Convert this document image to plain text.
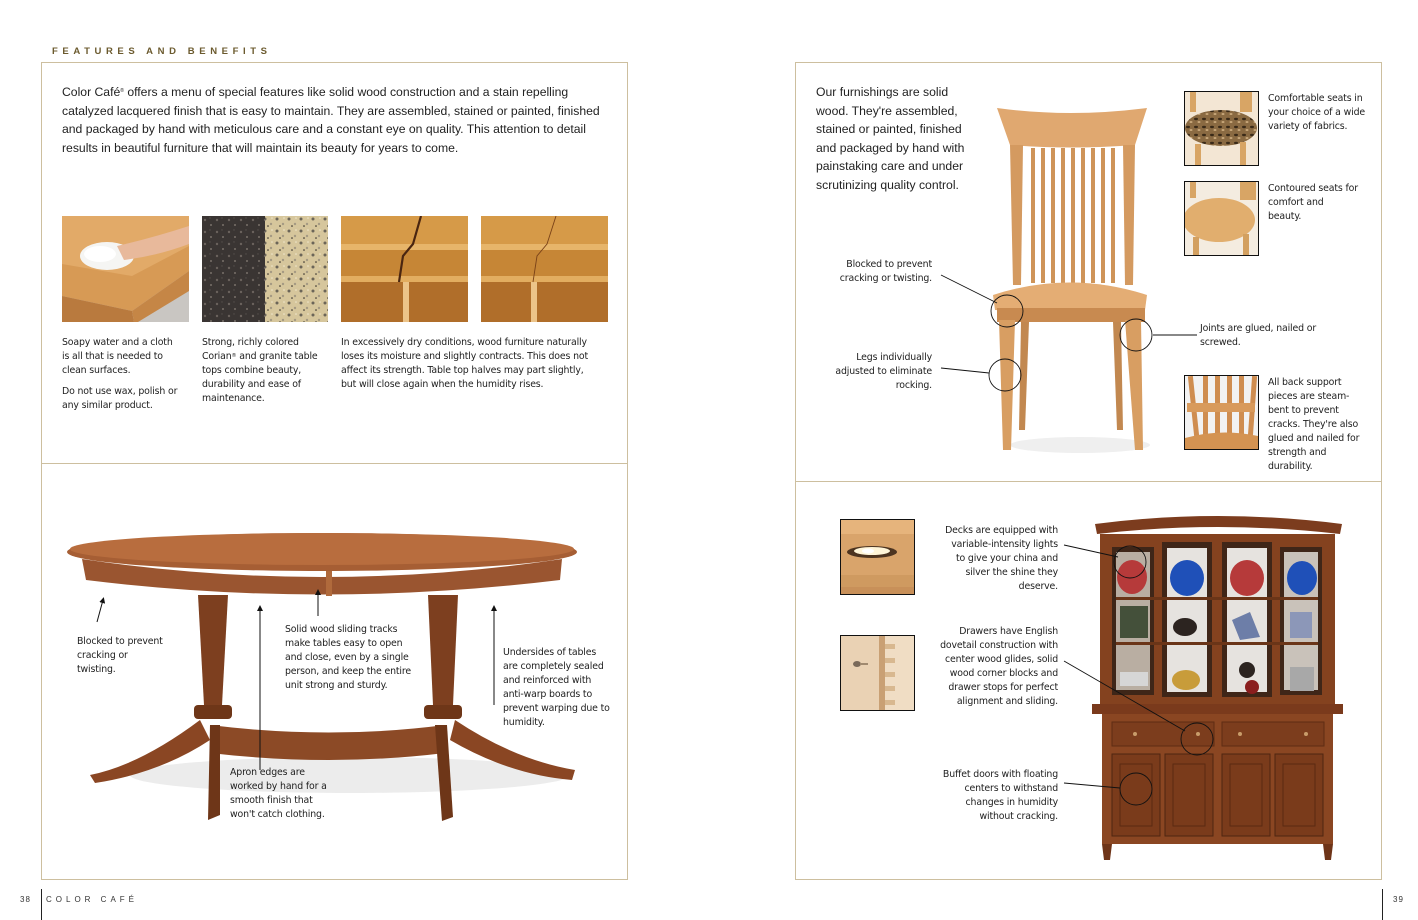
FEATURES AND BENEFITS
Color Café® offers a menu of special features like solid wood construction and a stain repelling catalyzed lacquered finish that is easy to maintain. They are assembled, stained or painted, finished and packaged by hand with meticulous care and a constant eye on quality. This attention to detail results in beautiful furniture that will maintain its beauty for years to come.

Soapy water and a cloth is all that is needed to clean surfaces.

Do not use wax, polish or any similar product.

Strong, richly colored Corian® and granite table tops combine beauty, durability and ease of maintenance.
In excessively dry conditions, wood furniture naturally loses its moisture and slightly contracts. This does not affect its strength. Table top halves may part slightly, but will close again when the humidity rises.
Blocked to prevent cracking or twisting.
Solid wood sliding tracks make tables easy to open and close, even by a single person, and keep the entire unit strong and sturdy.
Undersides of tables are completely sealed and reinforced with anti-warp boards to prevent warping due to humidity.
Apron edges are worked by hand for a smooth finish that won't catch clothing.
38 COLOR CAFÉ
Our furnishings are solid wood. They're assembled, stained or painted, finished and packaged by hand with painstaking care and under scrutinizing quality control.
Blocked to prevent cracking or twisting.
Legs individually adjusted to eliminate rocking.
Joints are glued, nailed or screwed.
Comfortable seats in your choice of a wide variety of fabrics.
Contoured seats for comfort and beauty.
All back support pieces are steam-bent to prevent cracks. They're also glued and nailed for strength and durability.
Decks are equipped with variable-intensity lights to give your china and silver the shine they deserve.
Drawers have English dovetail construction with center wood glides, solid wood corner blocks and drawer stops for perfect alignment and sliding.
Buffet doors with floating centers to withstand changes in humidity without cracking.
39
